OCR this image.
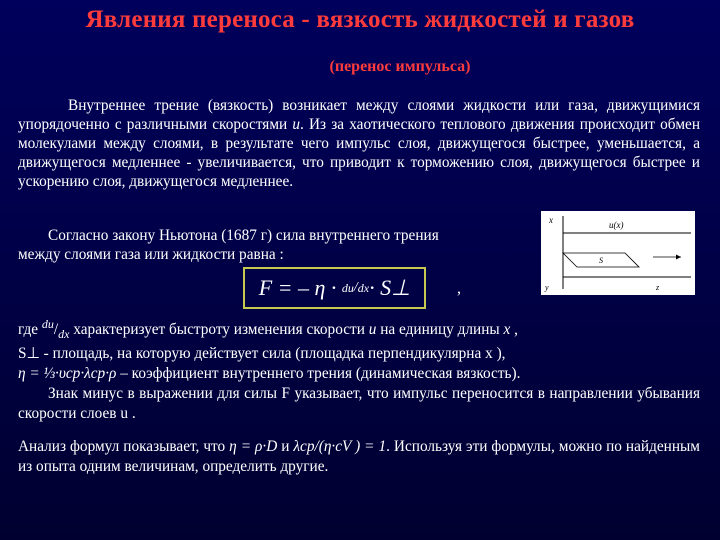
Явления переноса - вязкость жидкостей и газов
(перенос импульса)
Внутреннее трение (вязкость) возникает между слоями жидкости или газа, движущимися упорядоченно с различными скоростями u. Из за хаотического теплового движения происходит обмен молекулами между слоями, в результате чего импульс слоя, движущегося быстрее, уменьшается, а движущегося медленнее - увеличивается, что приводит к торможению слоя, движущегося быстрее и ускорению слоя, движущегося медленнее.
Согласно закону Ньютона (1687 г) сила внутреннего трения
между слоями газа или жидкости равна :
F = – η ·
du / dx · S⊥	,
x	u(x)
S
z
y
где $^{du}/_{dx}$ характеризует быстроту изменения скорости u на единицу длины x ,
S⊥ - площадь, на которую действует сила (площадка перпендикулярна x ),
η = ⅓·υср·λср·ρ – коэффициент внутреннего трения (динамическая вязкость).
Знак минус в выражении для силы F указывает, что импульс переносится в направлении убывания скорости слоев u .
Анализ формул показывает, что η = ρ·D и λср/(η·cV ) = 1. Используя эти формулы, можно по найденным из опыта одним величинам, определить другие.
